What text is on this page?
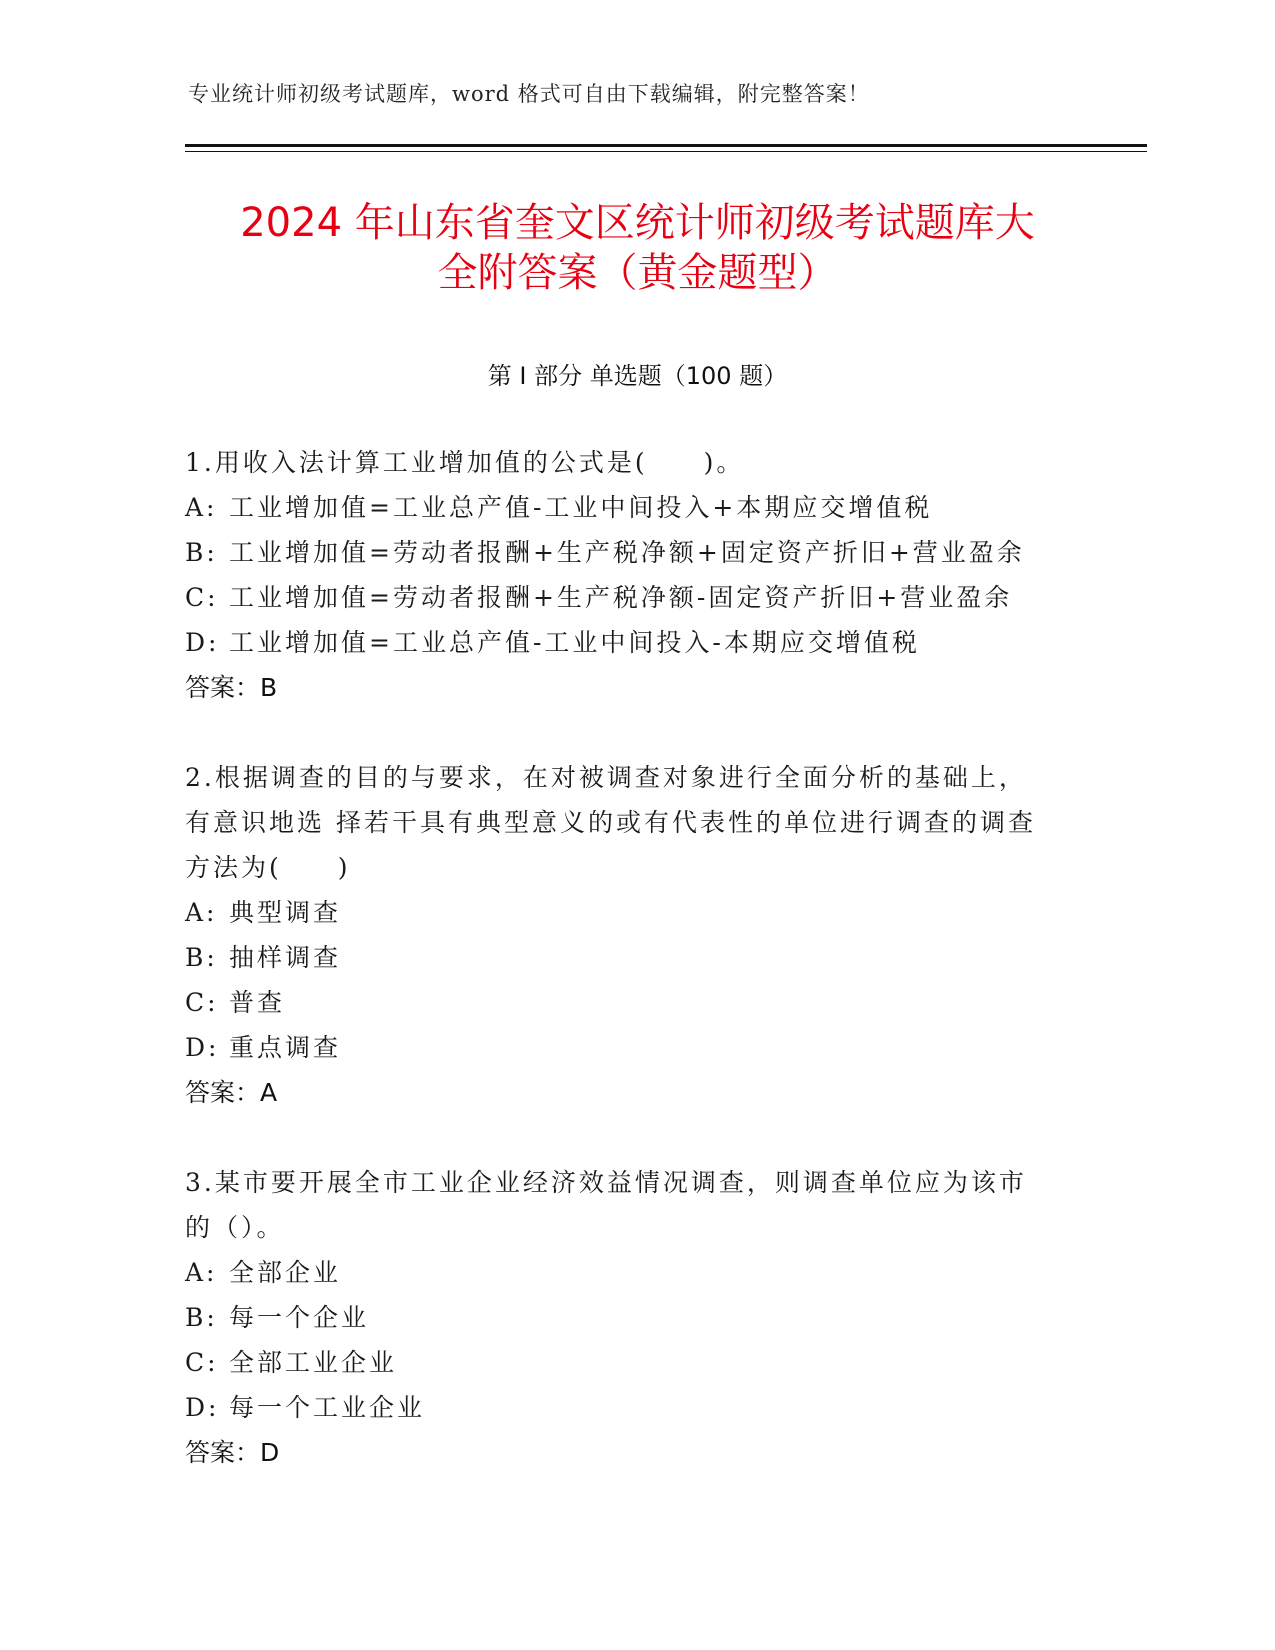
专业统计师初级考试题库，word 格式可自由下载编辑，附完整答案！
2024 年山东省奎文区统计师初级考试题库大
全附答案（黄金题型）
第 I 部分 单选题（100 题）
1.用收入法计算工业增加值的公式是(　　)。
A: 工业增加值=工业总产值-工业中间投入+本期应交增值税
B: 工业增加值=劳动者报酬+生产税净额+固定资产折旧+营业盈余
C: 工业增加值=劳动者报酬+生产税净额-固定资产折旧+营业盈余
D: 工业增加值=工业总产值-工业中间投入-本期应交增值税
答案：B
2.根据调查的目的与要求，在对被调查对象进行全面分析的基础上，
有意识地选 择若干具有典型意义的或有代表性的单位进行调查的调查
方法为(　　)
A: 典型调查
B: 抽样调查
C: 普查
D: 重点调查
答案：A
3.某市要开展全市工业企业经济效益情况调查，则调查单位应为该市
的（）。
A: 全部企业
B: 每一个企业
C: 全部工业企业
D: 每一个工业企业
答案：D
